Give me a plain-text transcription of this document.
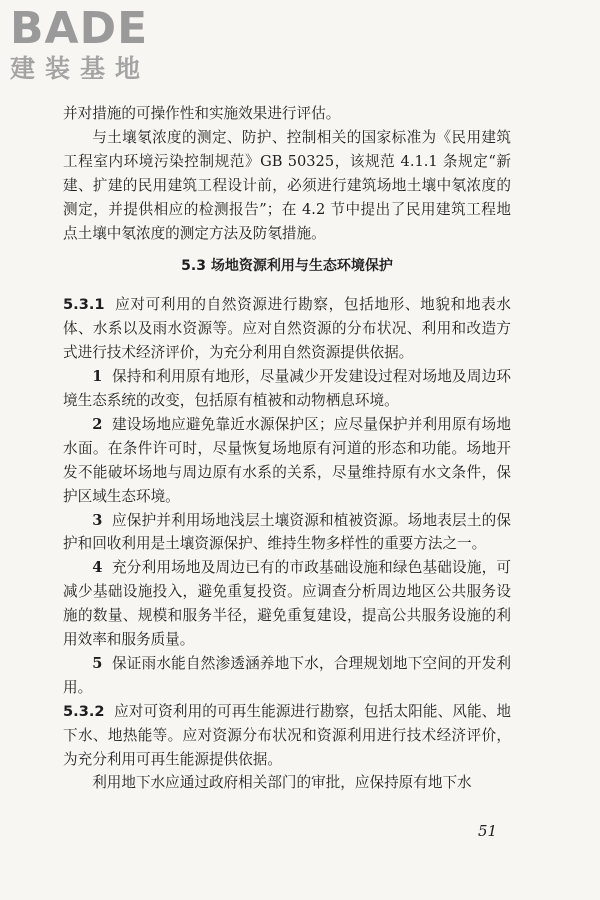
BADE
建装基地

并对措施的可操作性和实施效果进行评估。

与土壤氡浓度的测定、防护、控制相关的国家标准为《民用建筑工程室内环境污染控制规范》GB 50325，该规范 4.1.1 条规定“新建、扩建的民用建筑工程设计前，必须进行建筑场地土壤中氡浓度的测定，并提供相应的检测报告”；在 4.2 节中提出了民用建筑工程地点土壤中氡浓度的测定方法及防氡措施。

5.3 场地资源利用与生态环境保护

5.3.1 应对可利用的自然资源进行勘察，包括地形、地貌和地表水体、水系以及雨水资源等。应对自然资源的分布状况、利用和改造方式进行技术经济评价，为充分利用自然资源提供依据。

1 保持和利用原有地形，尽量减少开发建设过程对场地及周边环境生态系统的改变，包括原有植被和动物栖息环境。

2 建设场地应避免靠近水源保护区；应尽量保护并利用原有场地水面。在条件许可时，尽量恢复场地原有河道的形态和功能。场地开发不能破坏场地与周边原有水系的关系，尽量维持原有水文条件，保护区域生态环境。

3 应保护并利用场地浅层土壤资源和植被资源。场地表层土的保护和回收利用是土壤资源保护、维持生物多样性的重要方法之一。

4 充分利用场地及周边已有的市政基础设施和绿色基础设施，可减少基础设施投入，避免重复投资。应调查分析周边地区公共服务设施的数量、规模和服务半径，避免重复建设，提高公共服务设施的利用效率和服务质量。

5 保证雨水能自然渗透涵养地下水，合理规划地下空间的开发利用。

5.3.2 应对可资利用的可再生能源进行勘察，包括太阳能、风能、地下水、地热能等。应对资源分布状况和资源利用进行技术经济评价，为充分利用可再生能源提供依据。

利用地下水应通过政府相关部门的审批，应保持原有地下水

51
